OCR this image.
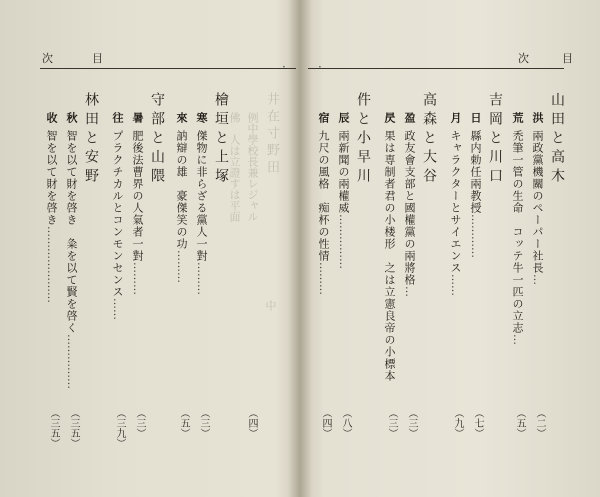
次	目
·
林田と安野
秋智を以て財を啓き　粂を以て賢を啓く……………
（三五）
收智を以て財を啓き…………………
（三五）
守部と山隈
暑肥後法曹界の人氣者一對………
（三）
往プラクチカルとコンモンセンス……
（三九）
檜垣と上塚
寒傑物に非らざる黨人一對………
（三）
來訥辯の雄　豪傑笑の功………
（五）
井在寸野田
例中學校長兼レジャル
佛　人は立證すは平面
中
（四）
次	目
·
山田と高木
洪兩政黨機關のペーパー社長…
（二）
荒禿筆一管の生命　コッテ牛一匹の立志…
（五）
吉岡と川口
日縣内勅任兩教授…………
（七）
月キャラクターとサイエンス……
（九）
高森と大谷
盈政友會支部と國權黨の兩將格…
（三）
昃果は専制者君の小楼形　之は立憲良帝の小標本
（三）
件と小早川
辰兩新聞の兩權威……………
（八）
宿九尺の風格　痴杯の性情………
（四）
